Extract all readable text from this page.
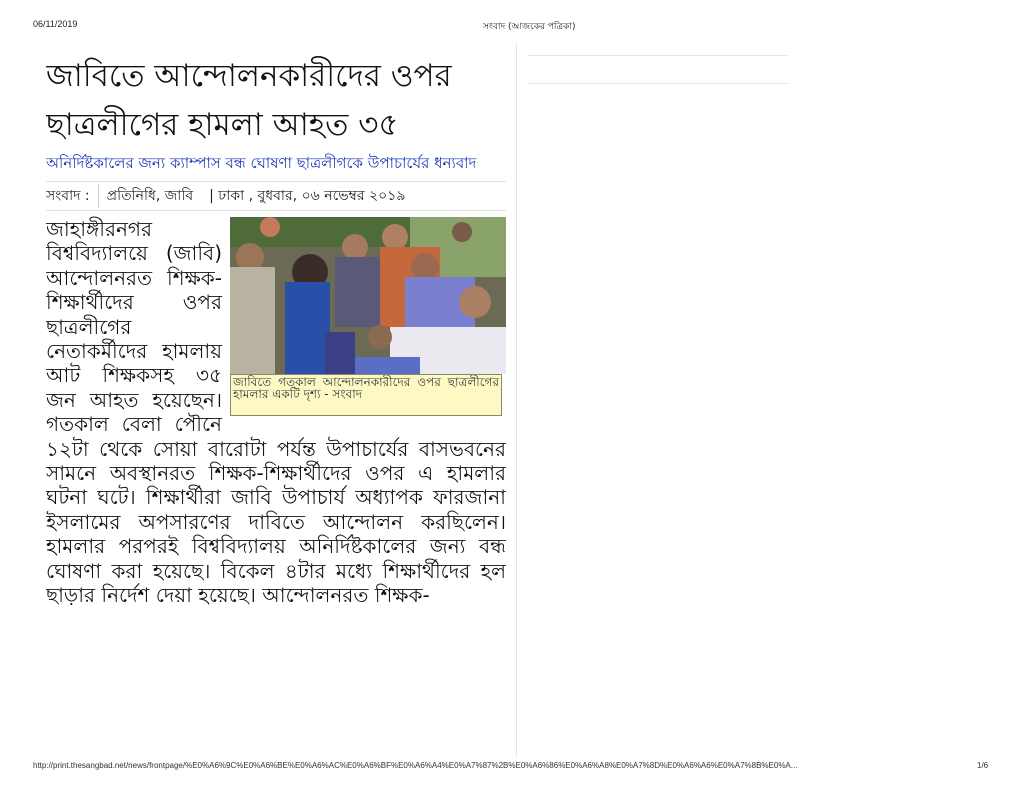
06/11/2019	সংবাদ (আজকের পত্রিকা)
জাবিতে আন্দোলনকারীদের ওপর ছাত্রলীগের হামলা আহত ৩৫
অনির্দিষ্টকালের জন্য ক্যাম্পাস বন্ধ ঘোষণা ছাত্রলীগকে উপাচার্যের ধন্যবাদ
সংবাদ :	প্রতিনিধি, জাবি	| ঢাকা , বুধবার, ০৬ নভেম্বর ২০১৯
জাবিতে গতকাল আন্দোলনকারীদের ওপর ছাত্রলীগের হামলার একটি দৃশ্য - সংবাদ
জাহাঙ্গীরনগর বিশ্ববিদ্যালয়ে (জাবি) আন্দোলনরত শিক্ষক-শিক্ষার্থীদের ওপর ছাত্রলীগের নেতাকর্মীদের হামলায় আট শিক্ষকসহ ৩৫ জন আহত হয়েছেন। গতকাল বেলা পৌনে ১২টা থেকে সোয়া বারোটা পর্যন্ত উপাচার্যের বাসভবনের সামনে অবস্থানরত শিক্ষক-শিক্ষার্থীদের ওপর এ হামলার ঘটনা ঘটে। শিক্ষার্থীরা জাবি উপাচার্য অধ্যাপক ফারজানা ইসলামের অপসারণের দাবিতে আন্দোলন করছিলেন। হামলার পরপরই বিশ্ববিদ্যালয় অনির্দিষ্টকালের জন্য বন্ধ ঘোষণা করা হয়েছে। বিকেল ৪টার মধ্যে শিক্ষার্থীদের হল ছাড়ার নির্দেশ দেয়া হয়েছে। আন্দোলনরত শিক্ষক-
http://print.thesangbad.net/news/frontpage/%E0%A6%9C%E0%A6%BE%E0%A6%AC%E0%A6%BF%E0%A6%A4%E0%A7%87%2B%E0%A6%86%E0%A6%A8%E0%A7%8D%E0%A6%A6%E0%A7%8B%E0%A...	1/6
